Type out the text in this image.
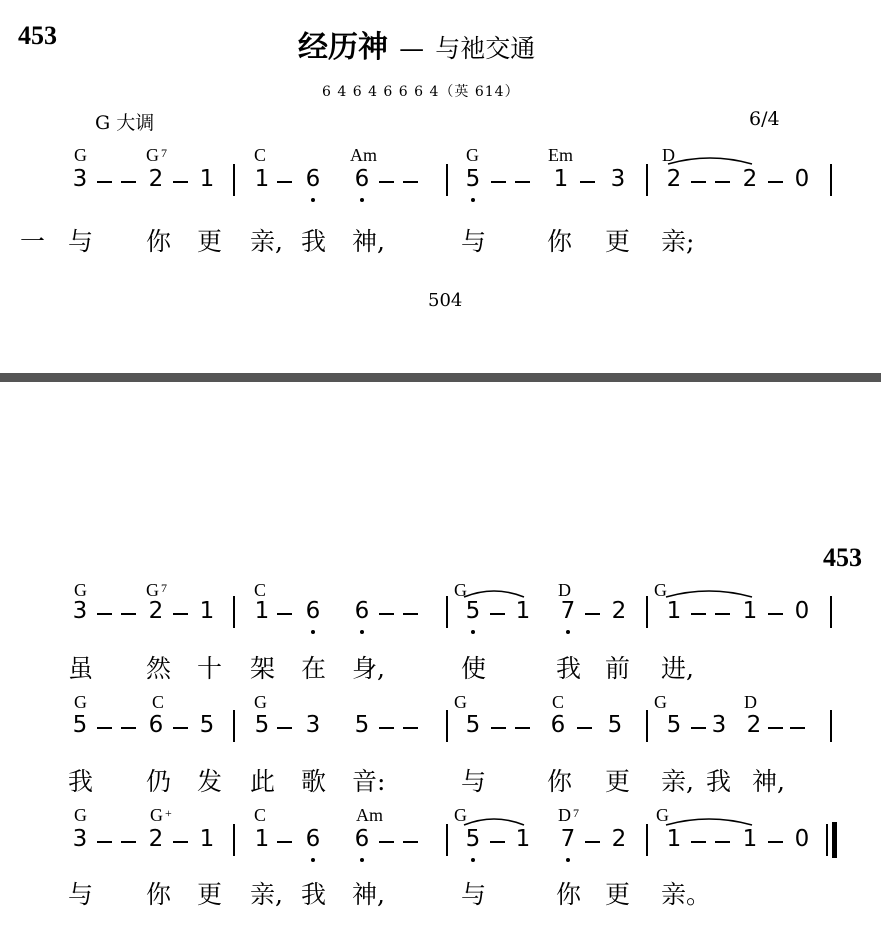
453	经历神 — 与祂交通
6 4 6 4 6 6 6 4（英 614）
G 大调	6/4
G	G $^7$	C	Am	G	Em	D
3	2 1 1 6 6	5	1 3 2	2 0
一 与 你 更 亲, 我 神,	与 你 更 亲;
504
453
G	G $^7$	C	G	D	G
3	2 1 1 6 6	5 1 7 2 1	1 0
虽 然 十 架 在 身,	使	我 前 进,
G	C	G	G	C	G	D
5	6 5 5 3 5	5	6 5 5 3 2
我 仍 发 此 歌 音:	与 你 更 亲, 我 神,
G	G +	C	Am	G	D $^7$	G
3	2 1 1 6 6	5 1 7 2 1	1 0
与 你 更 亲, 我 神,	与	你 更 亲。
